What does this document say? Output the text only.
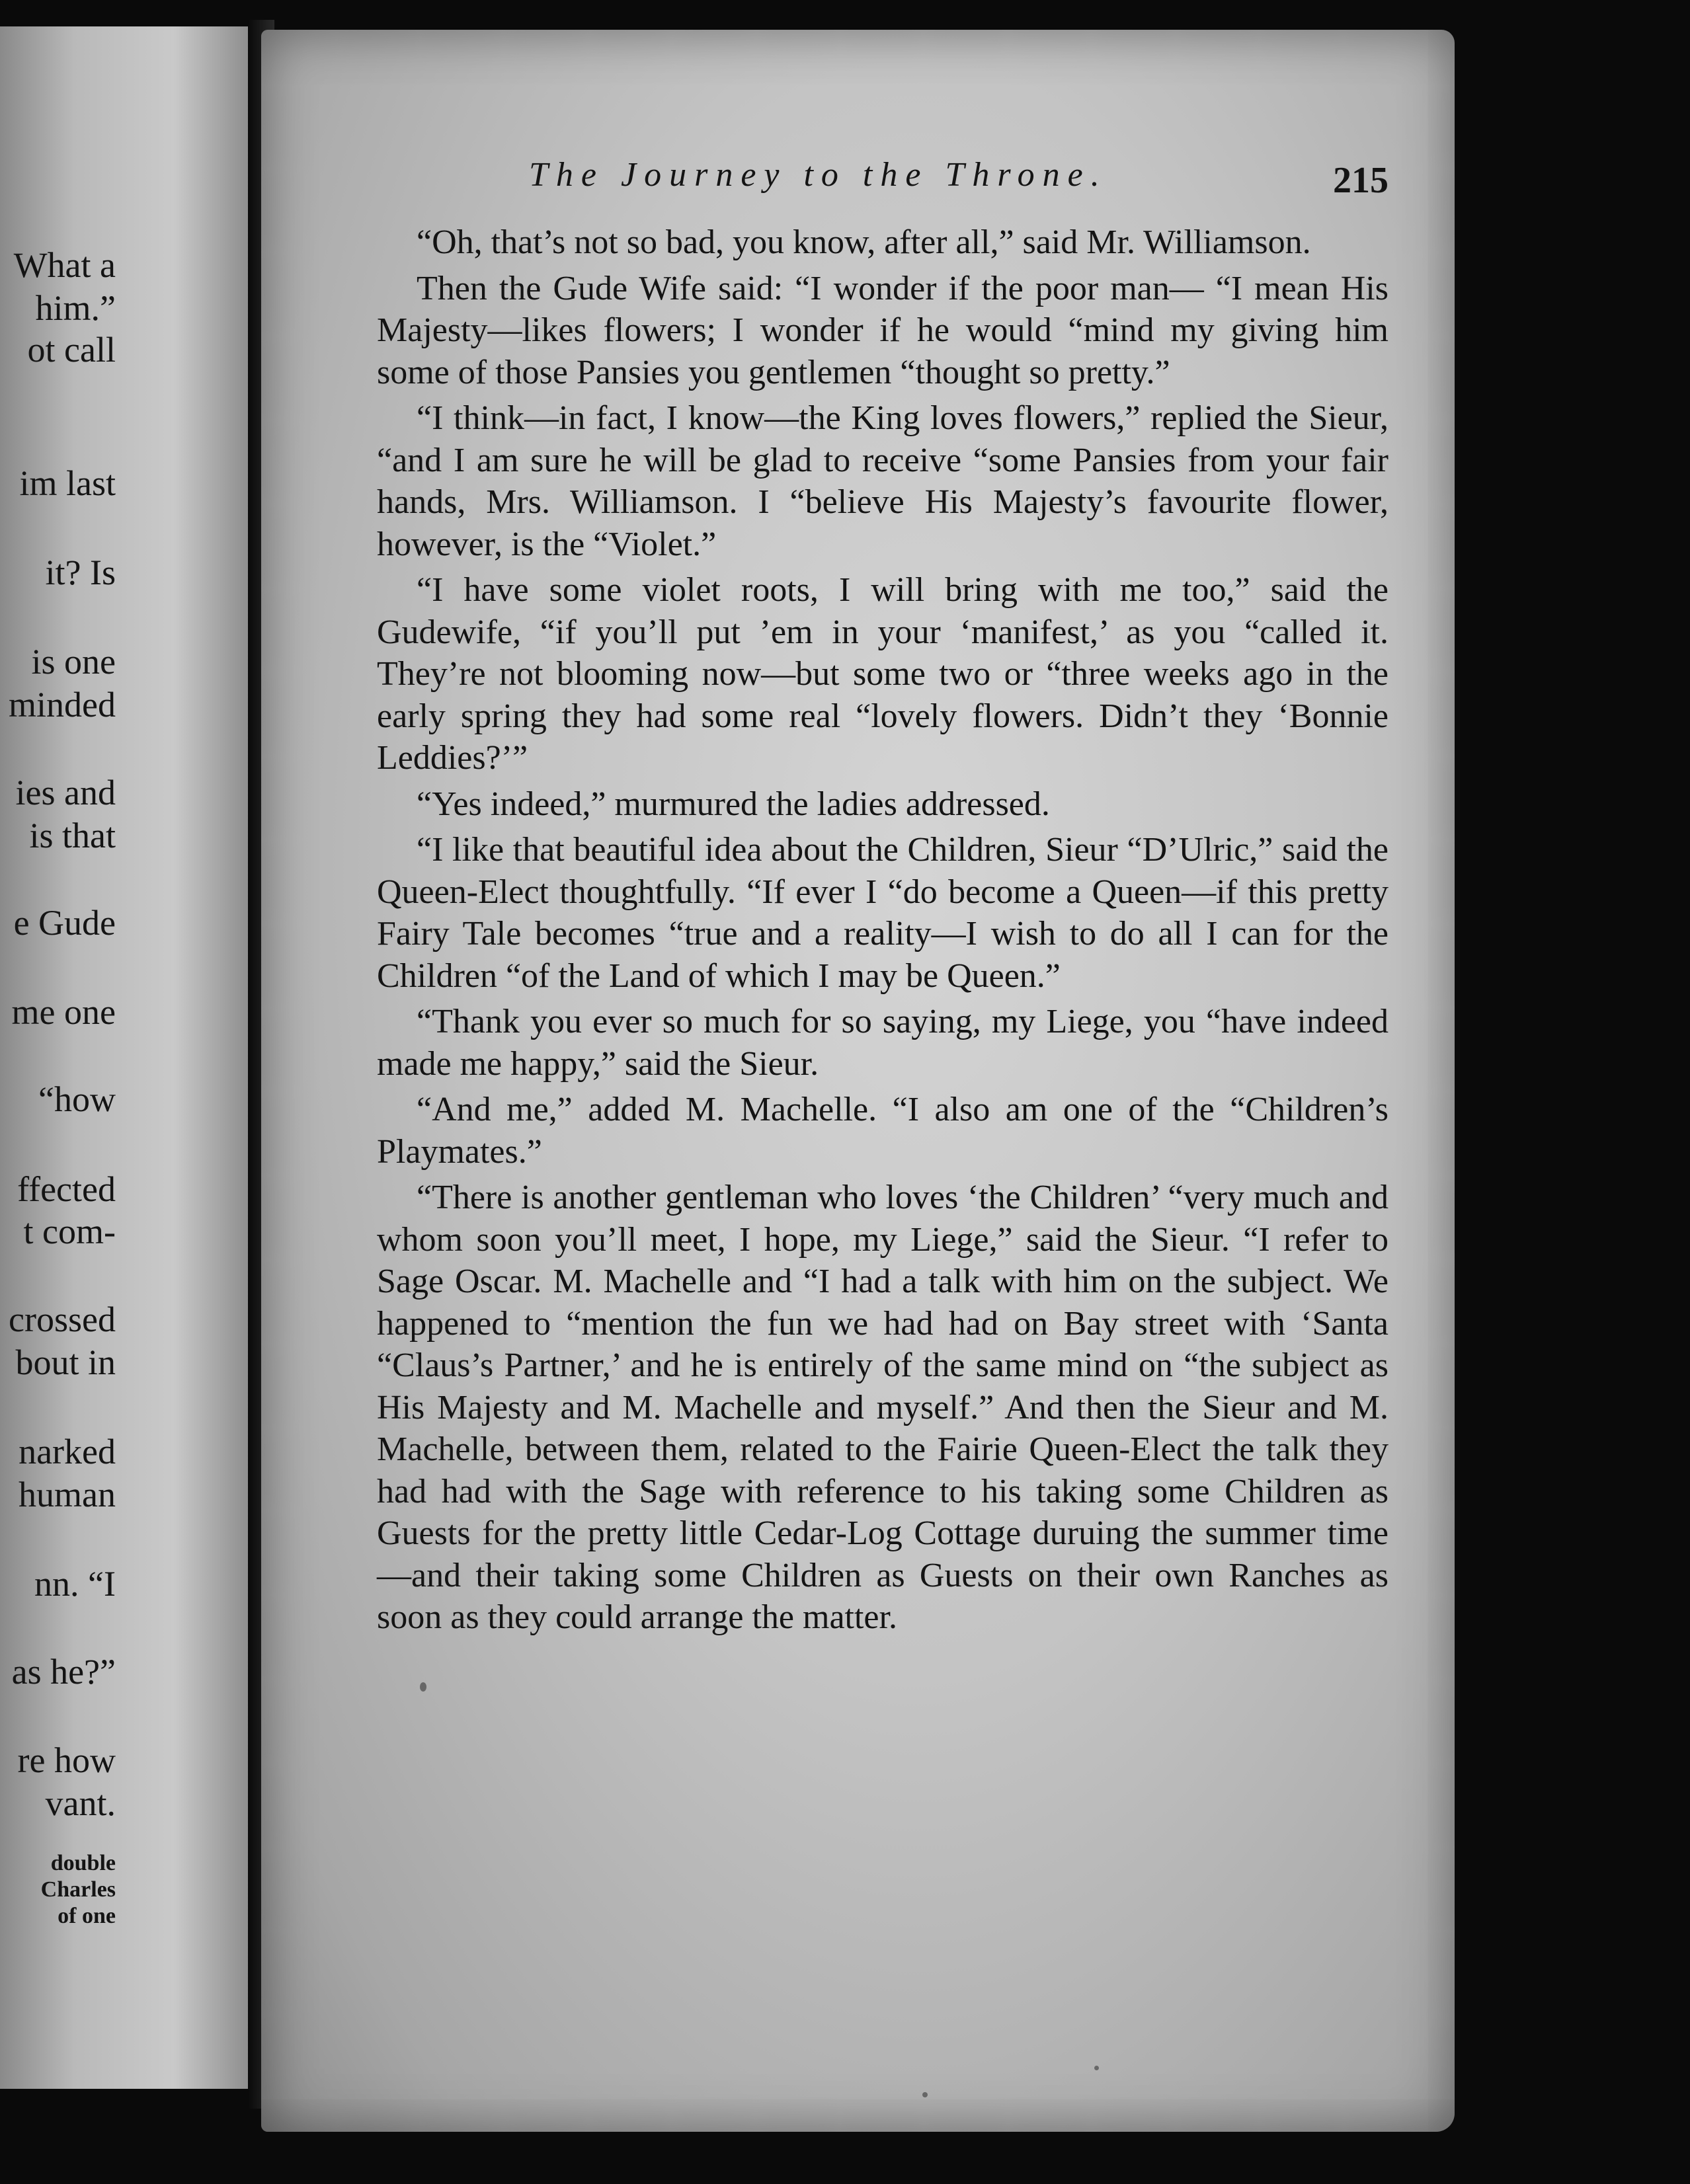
What a
him.”
ot call
im last
it? Is
is one
minded
ies and
is that
e Gude
me one
“how
ffected
t com-
crossed
bout in
narked
human
nn. “I
as he?”
re how
vant.
double
Charles
of one
The Journey to the Throne.	215

“Oh, that’s not so bad, you know, after all,” said Mr. Williamson.

Then the Gude Wife said: “I wonder if the poor man— “I mean His Majesty—likes flowers; I wonder if he would “mind my giving him some of those Pansies you gentlemen “thought so pretty.”

“I think—in fact, I know—the King loves flowers,” replied the Sieur, “and I am sure he will be glad to receive “some Pansies from your fair hands, Mrs. Williamson. I “believe His Majesty’s favourite flower, however, is the “Violet.”

“I have some violet roots, I will bring with me too,” said the Gudewife, “if you’ll put ’em in your ‘manifest,’ as you “called it. They’re not blooming now—but some two or “three weeks ago in the early spring they had some real “lovely flowers. Didn’t they ‘Bonnie Leddies?’”

“Yes indeed,” murmured the ladies addressed.

“I like that beautiful idea about the Children, Sieur “D’Ulric,” said the Queen-Elect thoughtfully. “If ever I “do become a Queen—if this pretty Fairy Tale becomes “true and a reality—I wish to do all I can for the Children “of the Land of which I may be Queen.”

“Thank you ever so much for so saying, my Liege, you “have indeed made me happy,” said the Sieur.

“And me,” added M. Machelle. “I also am one of the “Children’s Playmates.”

“There is another gentleman who loves ‘the Children’ “very much and whom soon you’ll meet, I hope, my Liege,” said the Sieur. “I refer to Sage Oscar. M. Machelle and “I had a talk with him on the subject. We happened to “mention the fun we had had on Bay street with ‘Santa “Claus’s Partner,’ and he is entirely of the same mind on “the subject as His Majesty and M. Machelle and myself.” And then the Sieur and M. Machelle, between them, related to the Fairie Queen-Elect the talk they had had with the Sage with reference to his taking some Children as Guests for the pretty little Cedar-Log Cottage duruing the summer time—and their taking some Children as Guests on their own Ranches as soon as they could arrange the matter.
